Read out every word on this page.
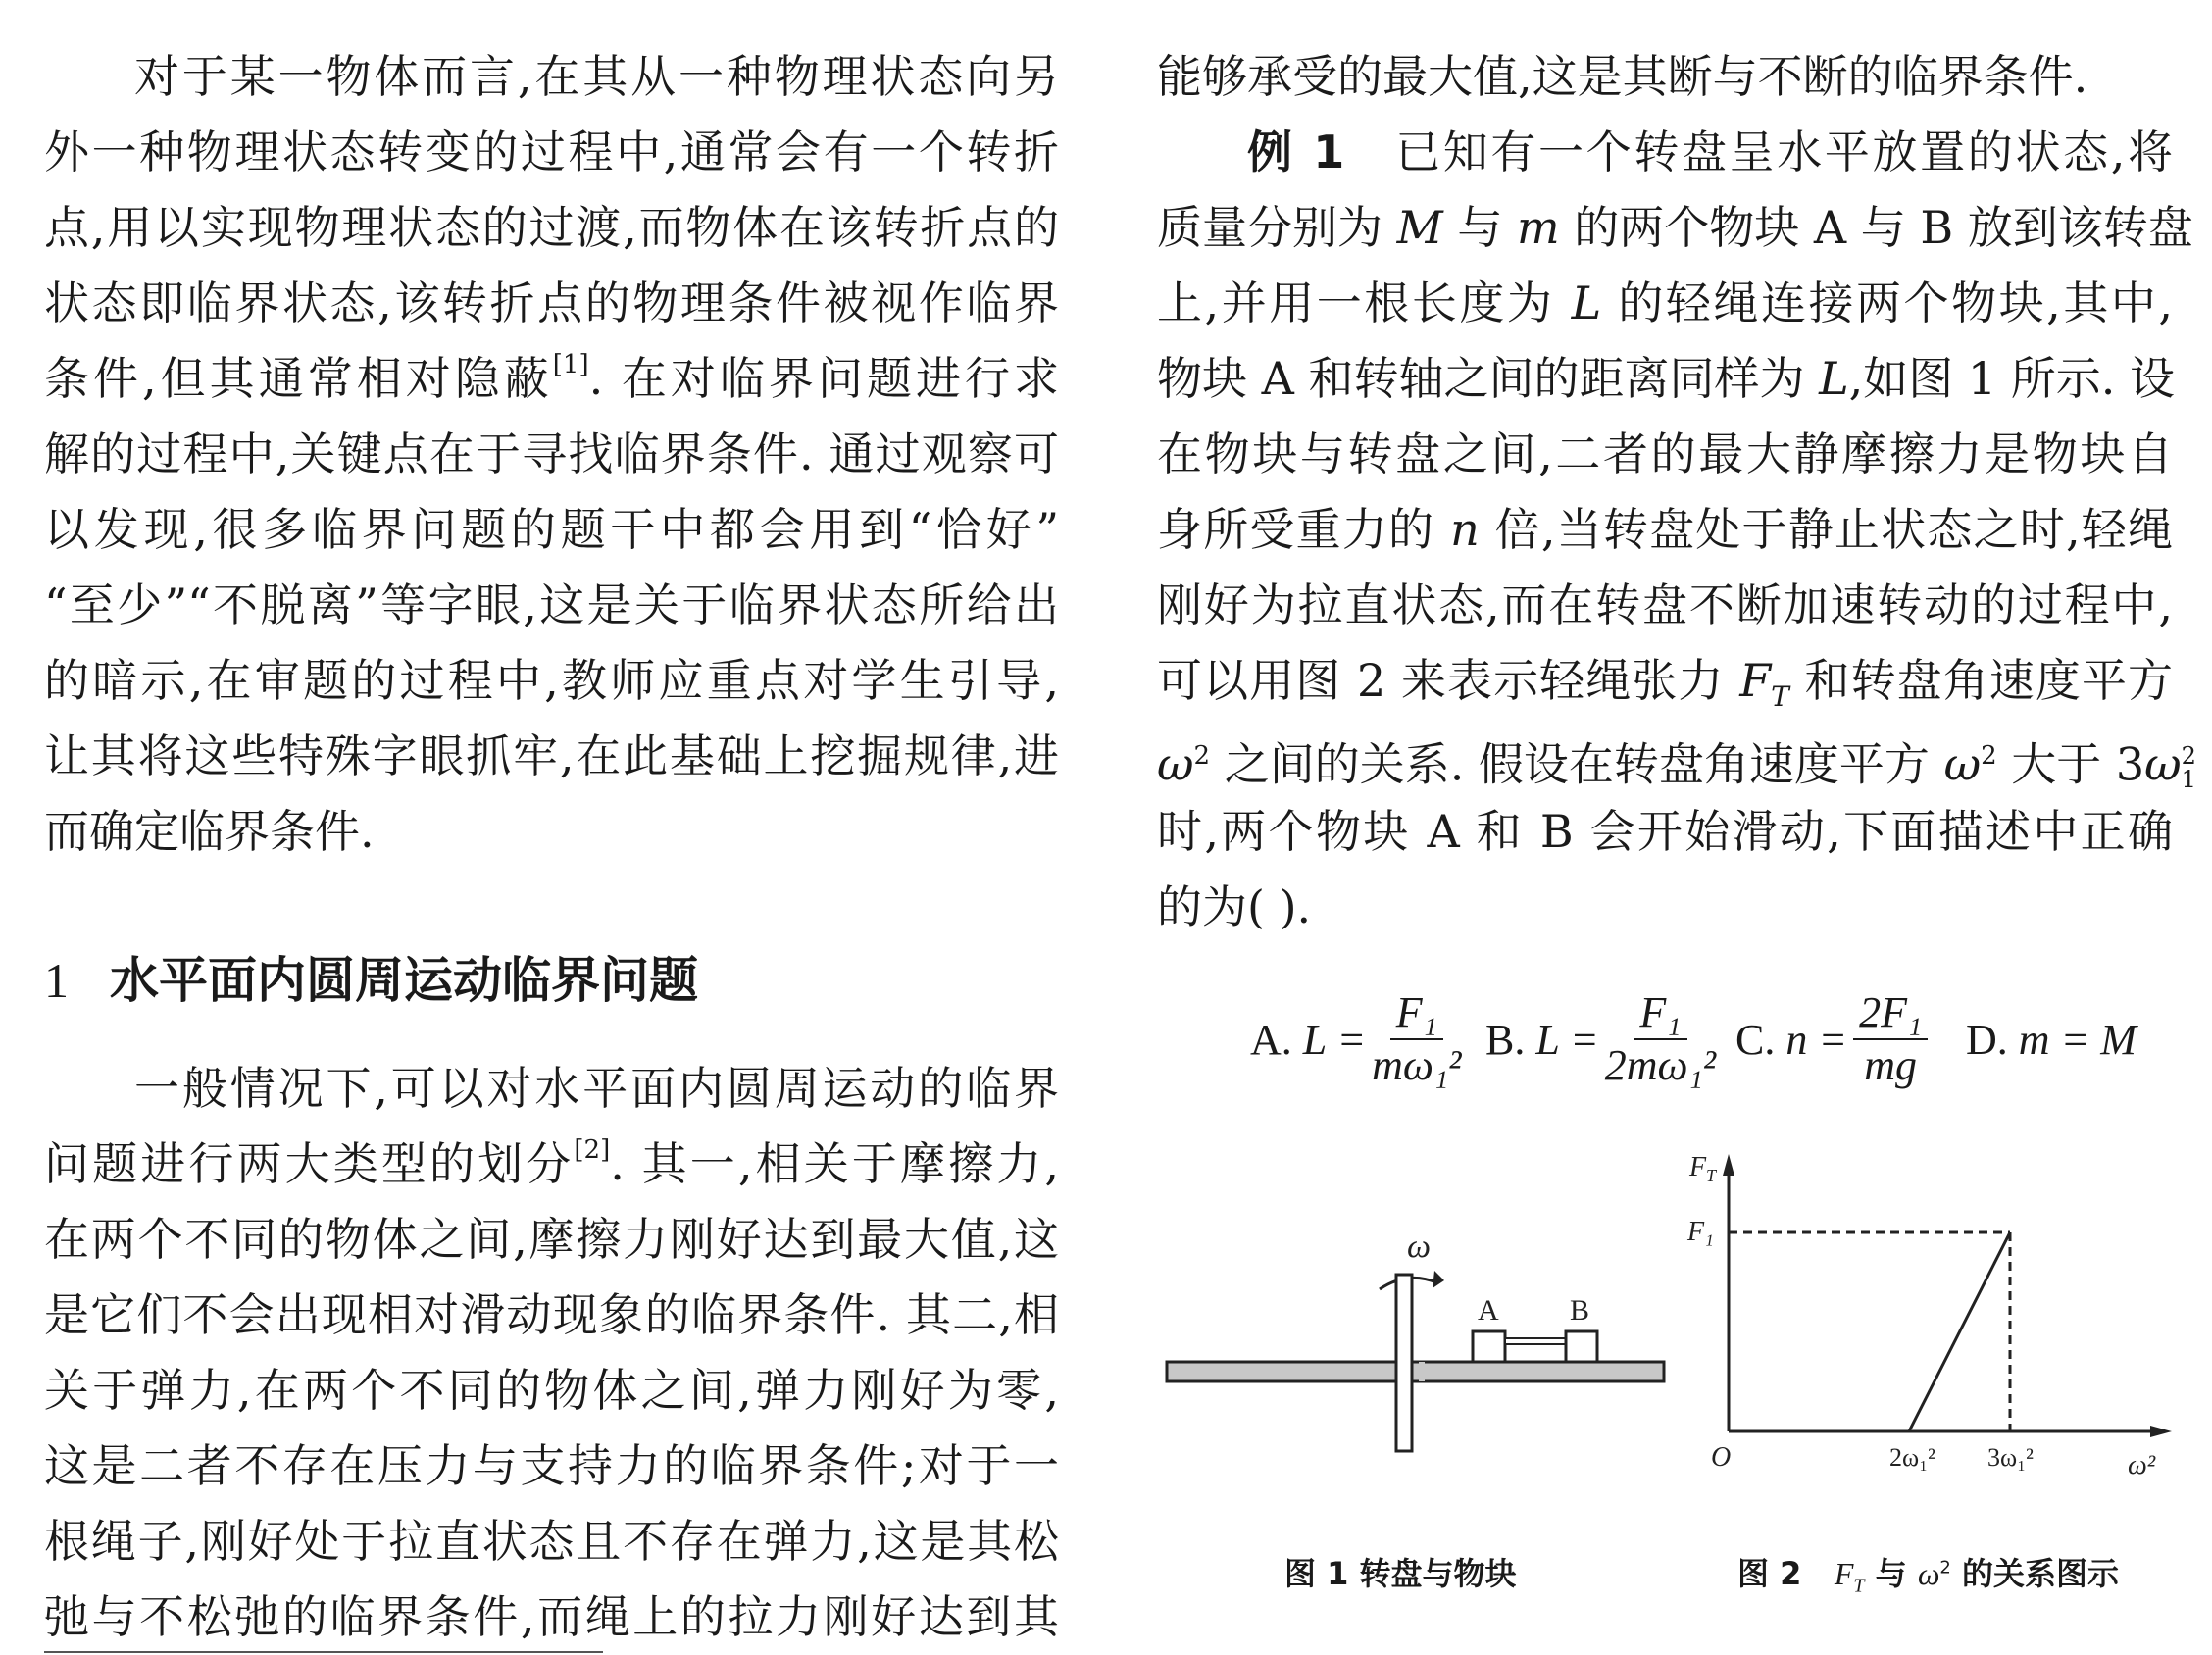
对于某一物体而言,在其从一种物理状态向另
外一种物理状态转变的过程中,通常会有一个转折
点,用以实现物理状态的过渡,而物体在该转折点的
状态即临界状态,该转折点的物理条件被视作临界
条件,但其通常相对隐蔽[1]. 在对临界问题进行求
解的过程中,关键点在于寻找临界条件. 通过观察可
以发现,很多临界问题的题干中都会用到“恰好”
“至少”“不脱离”等字眼,这是关于临界状态所给出
的暗示,在审题的过程中,教师应重点对学生引导,
让其将这些特殊字眼抓牢,在此基础上挖掘规律,进
而确定临界条件.
1 水平面内圆周运动临界问题
一般情况下,可以对水平面内圆周运动的临界
问题进行两大类型的划分[2]. 其一,相关于摩擦力,
在两个不同的物体之间,摩擦力刚好达到最大值,这
是它们不会出现相对滑动现象的临界条件. 其二,相
关于弹力,在两个不同的物体之间,弹力刚好为零,
这是二者不存在压力与支持力的临界条件;对于一
根绳子,刚好处于拉直状态且不存在弹力,这是其松
弛与不松弛的临界条件,而绳上的拉力刚好达到其
能够承受的最大值,这是其断与不断的临界条件.
例 1 已知有一个转盘呈水平放置的状态,将
质量分别为 M 与 m 的两个物块 A 与 B 放到该转盘
上,并用一根长度为 L 的轻绳连接两个物块,其中,
物块 A 和转轴之间的距离同样为 L,如图 1 所示. 设
在物块与转盘之间,二者的最大静摩擦力是物块自
身所受重力的 n 倍,当转盘处于静止状态之时,轻绳
刚好为拉直状态,而在转盘不断加速转动的过程中,
可以用图 2 来表示轻绳张力 $F_T$ 和转盘角速度平方
$\omega^2$ 之间的关系. 假设在转盘角速度平方 $\omega^2$ 大于 3ω 2
1
时,两个物块 A 和 B 会开始滑动,下面描述中正确
的为( ).
A.
$L = \frac{\text{F₁}}{\text{mω₁²}} B$.
$L = \frac{\text{F₁}}{\text{2mω₁²}} C$.
$n = \frac{\text{2F₁}}{mg} D$.
m = M
ω
A B
图 1 转盘与物块
F T
F₁
O	2ω₁² 3ω₁²	ω²
图 2 $F_T$ 与 $\omega^2$ 的关系图示
